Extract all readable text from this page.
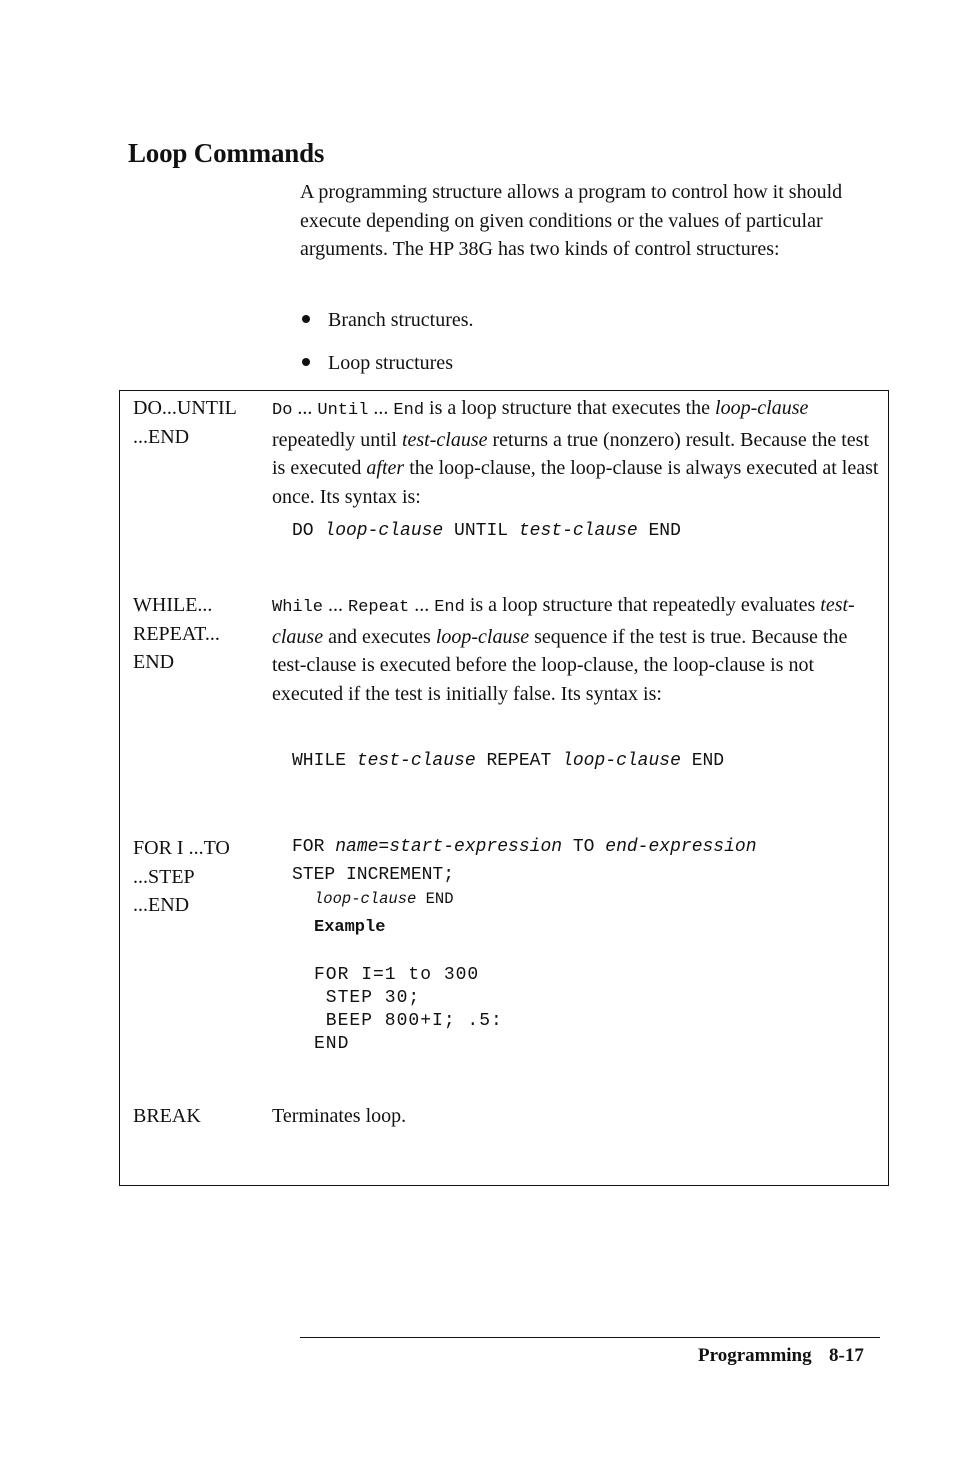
Loop Commands
A programming structure allows a program to control how it should execute depending on given conditions or the values of particular arguments. The HP 38G has two kinds of control structures:
Branch structures.
Loop structures
DO...UNTIL
...END
Do ... Until ... End is a loop structure that executes the loop-clause repeatedly until test-clause returns a true (nonzero) result. Because the test is executed after the loop-clause, the loop-clause is always executed at least once. Its syntax is:
DO loop-clause UNTIL test-clause END
WHILE...
REPEAT...
END
While ... Repeat ... End is a loop structure that repeatedly evaluates test-clause and executes loop-clause sequence if the test is true. Because the test-clause is executed before the loop-clause, the loop-clause is not executed if the test is initially false. Its syntax is:
WHILE test-clause REPEAT loop-clause END
FOR I ...TO
...STEP
...END
FOR name=start-expression TO end-expression
STEP INCREMENT;
loop-clause END
Example

FOR I=1 to 300
STEP 30;
BEEP 800+I; .5:
END
BREAK	Terminates loop.
Programming 8-17
